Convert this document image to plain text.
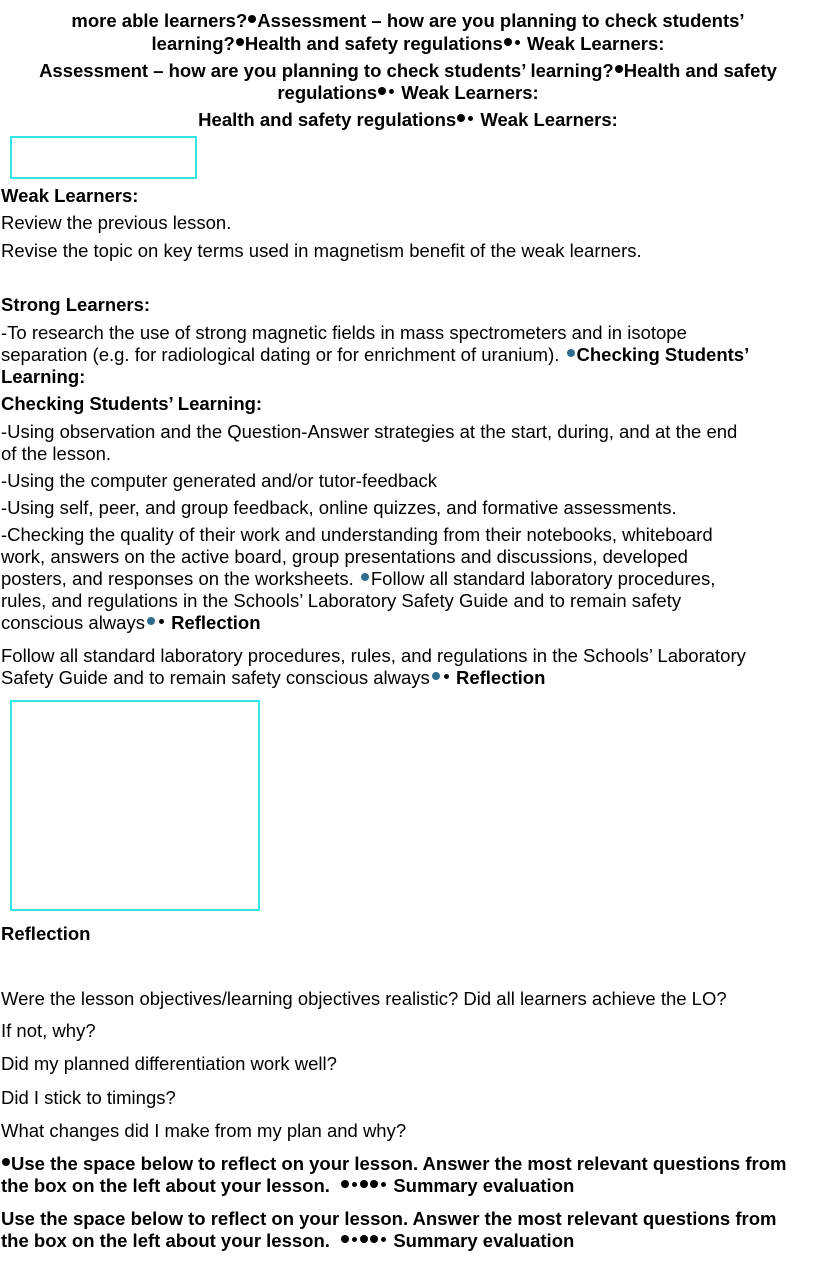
more able learners? Assessment – how are you planning to check students’
learning? Health and safety regulations Weak Learners:
Assessment – how are you planning to check students’ learning? Health and safety
regulations Weak Learners:
Health and safety regulations Weak Learners:
Weak Learners:
Review the previous lesson.
Revise the topic on key terms used in magnetism benefit of the weak learners.
Strong Learners:
-To research the use of strong magnetic fields in mass spectrometers and in isotope
separation (e.g. for radiological dating or for enrichment of uranium). Checking Students’
Learning:
Checking Students’ Learning:
-Using observation and the Question-Answer strategies at the start, during, and at the end
of the lesson.
-Using the computer generated and/or tutor-feedback
-Using self, peer, and group feedback, online quizzes, and formative assessments.
-Checking the quality of their work and understanding from their notebooks, whiteboard
work, answers on the active board, group presentations and discussions, developed
posters, and responses on the worksheets. Follow all standard laboratory procedures,
rules, and regulations in the Schools’ Laboratory Safety Guide and to remain safety
conscious always Reflection
Follow all standard laboratory procedures, rules, and regulations in the Schools’ Laboratory
Safety Guide and to remain safety conscious always Reflection
Reflection
Were the lesson objectives/learning objectives realistic? Did all learners achieve the LO?
If not, why?
Did my planned differentiation work well?
Did I stick to timings?
What changes did I make from my plan and why?
Use the space below to reflect on your lesson. Answer the most relevant questions from
the box on the left about your lesson.	Summary evaluation
Use the space below to reflect on your lesson. Answer the most relevant questions from
the box on the left about your lesson.	Summary evaluation
